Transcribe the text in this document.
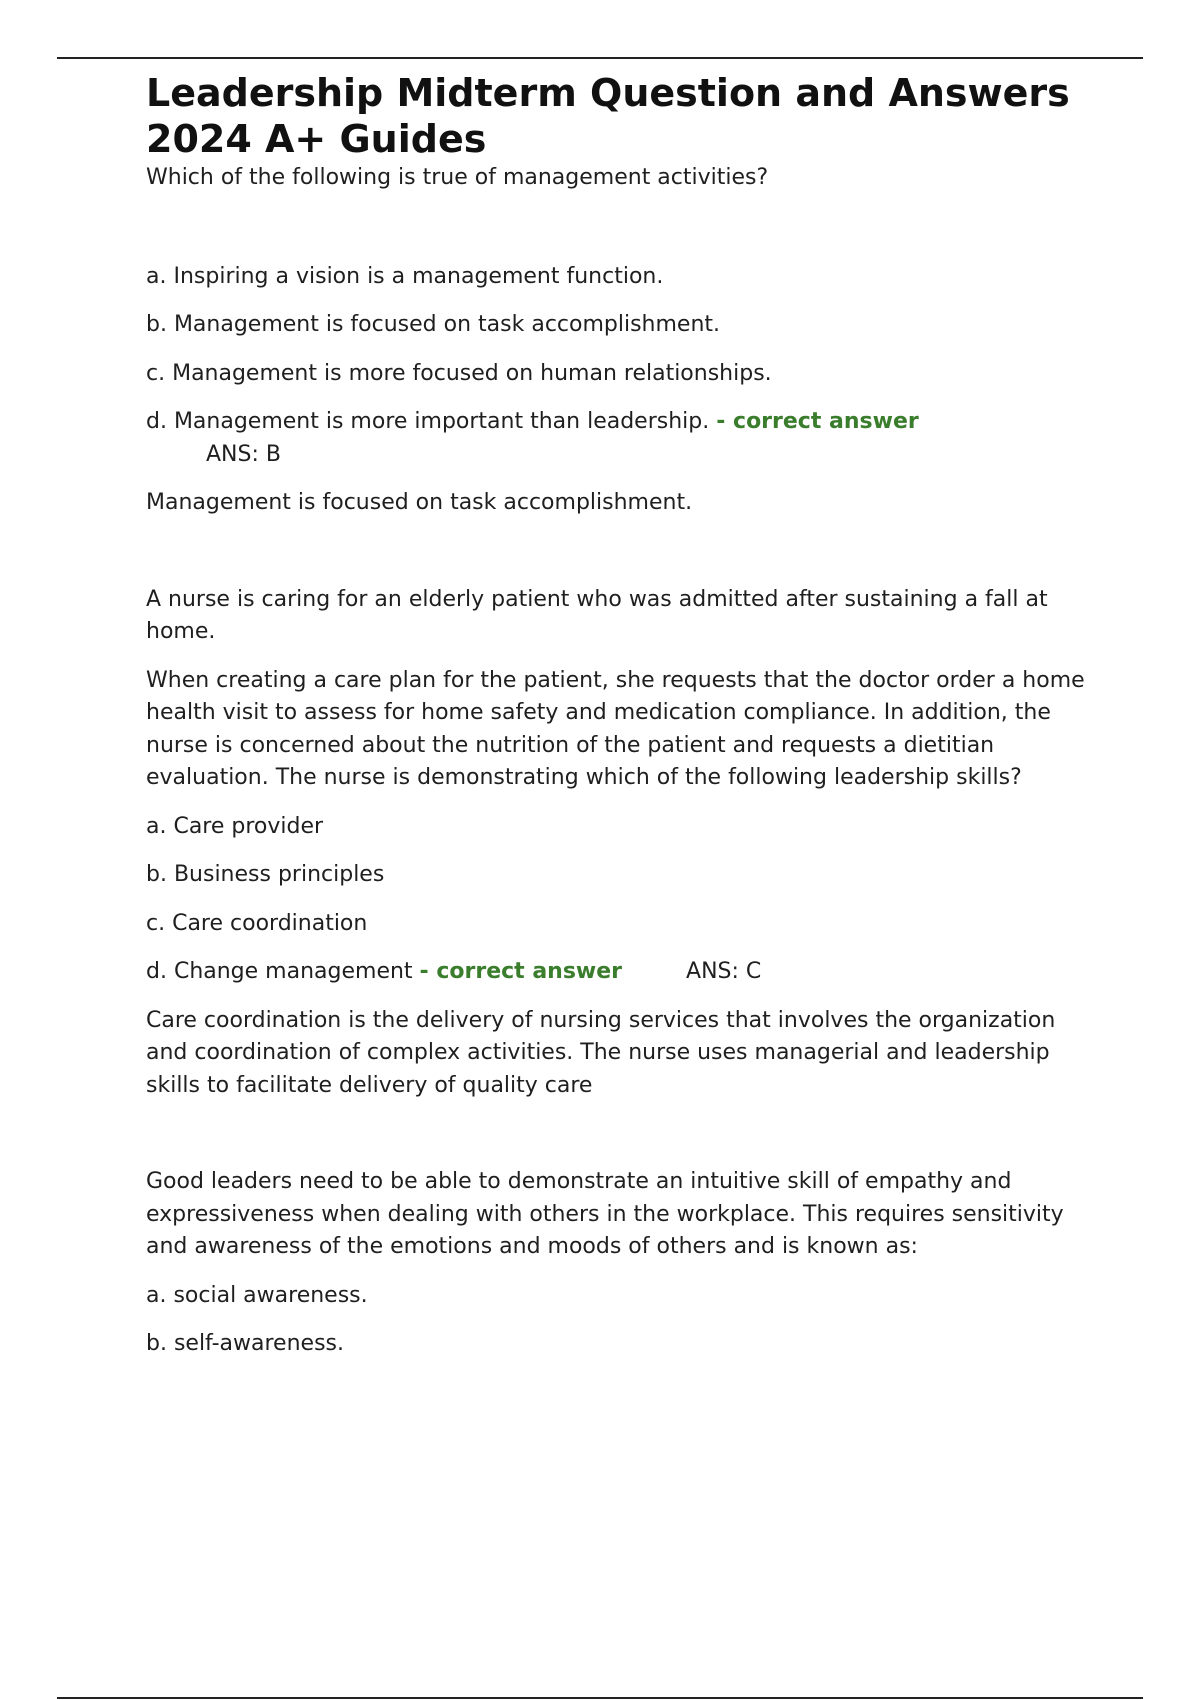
Leadership Midterm Question and Answers 2024 A+ Guides

Which of the following is true of management activities?

a. Inspiring a vision is a management function.

b. Management is focused on task accomplishment.

c. Management is more focused on human relationships.

d. Management is more important than leadership. - correct answer

ANS: B

Management is focused on task accomplishment.

A nurse is caring for an elderly patient who was admitted after sustaining a fall at home.

When creating a care plan for the patient, she requests that the doctor order a home health visit to assess for home safety and medication compliance. In addition, the nurse is concerned about the nutrition of the patient and requests a dietitian evaluation. The nurse is demonstrating which of the following leadership skills?

a. Care provider

b. Business principles

c. Care coordination

d. Change management - correct answer	ANS: C

Care coordination is the delivery of nursing services that involves the organization and coordination of complex activities. The nurse uses managerial and leadership skills to facilitate delivery of quality care

Good leaders need to be able to demonstrate an intuitive skill of empathy and expressiveness when dealing with others in the workplace. This requires sensitivity and awareness of the emotions and moods of others and is known as:

a. social awareness.

b. self-awareness.
